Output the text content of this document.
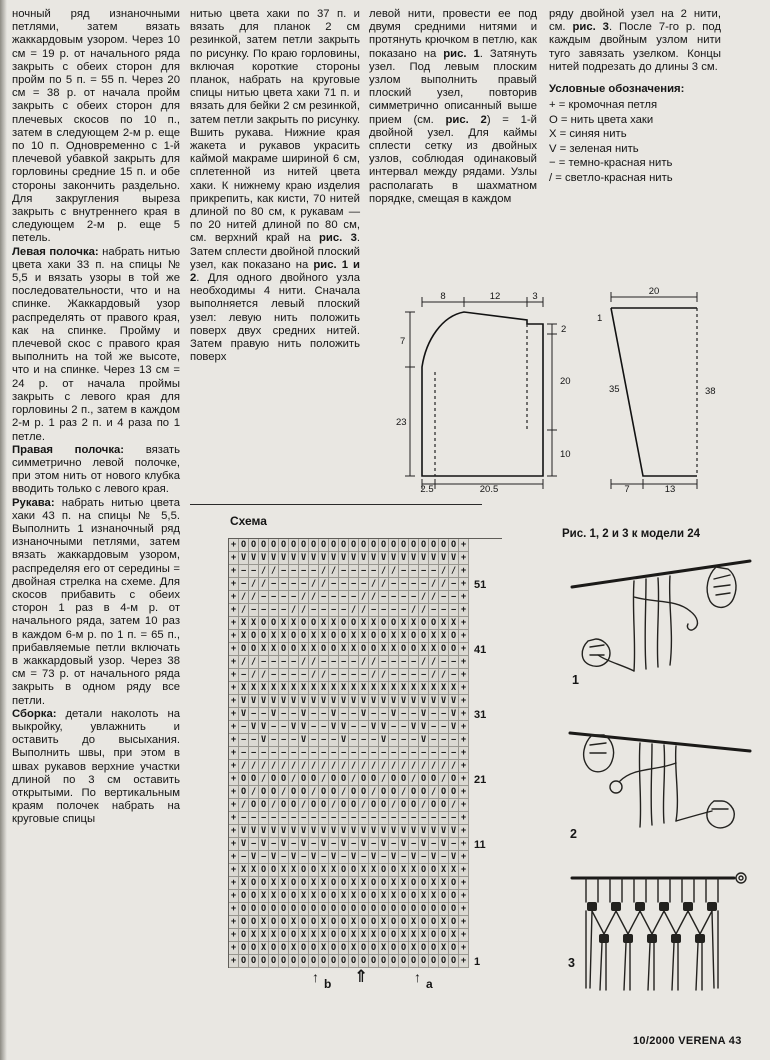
ночный ряд изнаночными петлями, затем вязать жаккардовым узором. Через 10 см = 19 р. от начального ряда закрыть с обеих сторон для пройм по 5 п. = 55 п. Через 20 см = 38 р. от начала пройм закрыть с обеих сторон для плечевых скосов по 10 п., затем в следующем 2-м р. еще по 10 п. Одновременно с 1-й плечевой убавкой закрыть для горловины средние 15 п. и обе стороны закончить раздельно. Для закругления выреза закрыть с внутреннего края в следующем 2-м р. еще 5 петель.

Левая полочка: набрать нитью цвета хаки 33 п. на спицы № 5,5 и вязать узоры в той же последовательности, что и на спинке. Жаккардовый узор распределять от правого края, как на спинке. Пройму и плечевой скос с правого края выполнить на той же высоте, что и на спинке. Через 13 см = 24 р. от начала проймы закрыть с левого края для горловины 2 п., затем в каждом 2-м р. 1 раз 2 п. и 4 раза по 1 петле.

Правая полочка: вязать симметрично левой полочке, при этом нить от нового клубка вводить только с левого края.

Рукава: набрать нитью цвета хаки 43 п. на спицы № 5,5. Выполнить 1 изнаночный ряд изнаночными петлями, затем вязать жаккардовым узором, распределяя его от середины = двойная стрелка на схеме. Для скосов прибавить с обеих сторон 1 раз в 4-м р. от начального ряда, затем 10 раз в каждом 6-м р. по 1 п. = 65 п., прибавляемые петли включать в жаккардовый узор. Через 38 см = 73 р. от начального ряда закрыть в одном ряду все петли.

Сборка: детали наколоть на выкройку, увлажнить и оставить до высыхания. Выполнить швы, при этом в швах рукавов верхние участки длиной по 3 см оставить открытыми. По вертикальным краям полочек набрать на круговые спицы

нитью цвета хаки по 37 п. и вязать для планок 2 см резинкой, затем петли закрыть по рисунку. По краю горловины, включая короткие стороны планок, набрать на круговые спицы нитью цвета хаки 71 п. и вязать для бейки 2 см резинкой, затем петли закрыть по рисунку. Вшить рукава. Нижние края жакета и рукавов украсить каймой макраме шириной 6 см, сплетенной из нитей цвета хаки. К нижнему краю изделия прикрепить, как кисти, 70 нитей длиной по 80 см, к рукавам — по 20 нитей длиной по 80 см, см. верхний край на рис. 3. Затем сплести двойной плоский узел, как показано на рис. 1 и 2. Для одного двойного узла необходимы 4 нити. Сначала выполняется левый плоский узел: левую нить положить поверх двух средних нитей. Затем правую нить положить поверх

левой нити, провести ее под двумя средними нитями и протянуть крючком в петлю, как показано на рис. 1. Затянуть узел. Под левым плоским узлом выполнить правый плоский узел, повторив симметрично описанный выше прием (см. рис. 2) = 1-й двойной узел. Для каймы сплести сетку из двойных узлов, соблюдая одинаковый интервал между рядами. Узлы располагать в шахматном порядке, смещая в каждом

ряду двойной узел на 2 нити, см. рис. 3. После 7-го р. под каждым двойным узлом нити туго завязать узелком. Концы нитей подрезать до длины 3 см.

Условные обозначения:
+ = кромочная петля
O = нить цвета хаки
X = синяя нить
V = зеленая нить
− = темно-красная нить
/ = светло-красная нить
8	12	3
2
20
10
7
23
2.5	20.5
20
1
35	38
7	13
Схема
+ O O O O O O O O O O O O O O O O O O O O O O +
+ V V V V V V V V V V V V V V V V V V V V V V +
+ − − / / − − − − / / − − − − / / − − − − / / +
+ − / / − − − − / / − − − − / / − − − − / / − + 51
+ / / − − − − / / − − − − / / − − − − / / − − +
+ / − − − − / / − − − − / / − − − − / / − − − +
+ X X O O X X O O X X O O X X O O X X O O X X +
+ X O O X X O O X X O O X X O O X X O O X X O +
+ O O X X O O X X O O X X O O X X O O X X O O + 41
+ / / − − − − / / − − − − / / − − − − / / − − +
+ − / / − − − − / / − − − − / / − − − − / / − +
+ X X X X X X X X X X X X X X X X X X X X X X +
+ V V V V V V V V V V V V V V V V V V V V V V +
+ V − − V − − V − − V − − V − − V − − V − − V + 31
+ − V V − − V V − − V V − − V V − − V V − − V +
+ − − V − − − V − − − V − − − V − − − V − − − +
+ − − − − − − − − − − − − − − − − − − − − − − +
+ / / / / / / / / / / / / / / / / / / / / / / +
+ O O / O O / O O / O O / O O / O O / O O / O + 21
+ O / O O / O O / O O / O O / O O / O O / O O +
+ / O O / O O / O O / O O / O O / O O / O O / +
+ − − − − − − − − − − − − − − − − − − − − − − +
+ V V V V V V V V V V V V V V V V V V V V V V +
+ V − V − V − V − V − V − V − V − V − V − V − + 11
+ − V − V − V − V − V − V − V − V − V − V − V +
+ X X O O X X O O X X O O X X O O X X O O X X +
+ X O O X X O O X X O O X X O O X X O O X X O +
+ O O X X O O X X O O X X O O X X O O X X O O +
+ O O O O O O O O O O O O O O O O O O O O O O +
+ O O X O O X O O X O O X O O X O O X O O X O +
+ O X X X O O X X X O O X X X O O X X X O O X +
+ O O X O O X O O X O O X O O X O O X O O X O +
+ O O O O O O O O O O O O O O O O O O O O O O + 1
↑ b ⇑	↑ a
Рис. 1, 2 и 3 к модели 24
1
2
3
10/2000 VERENA 43
